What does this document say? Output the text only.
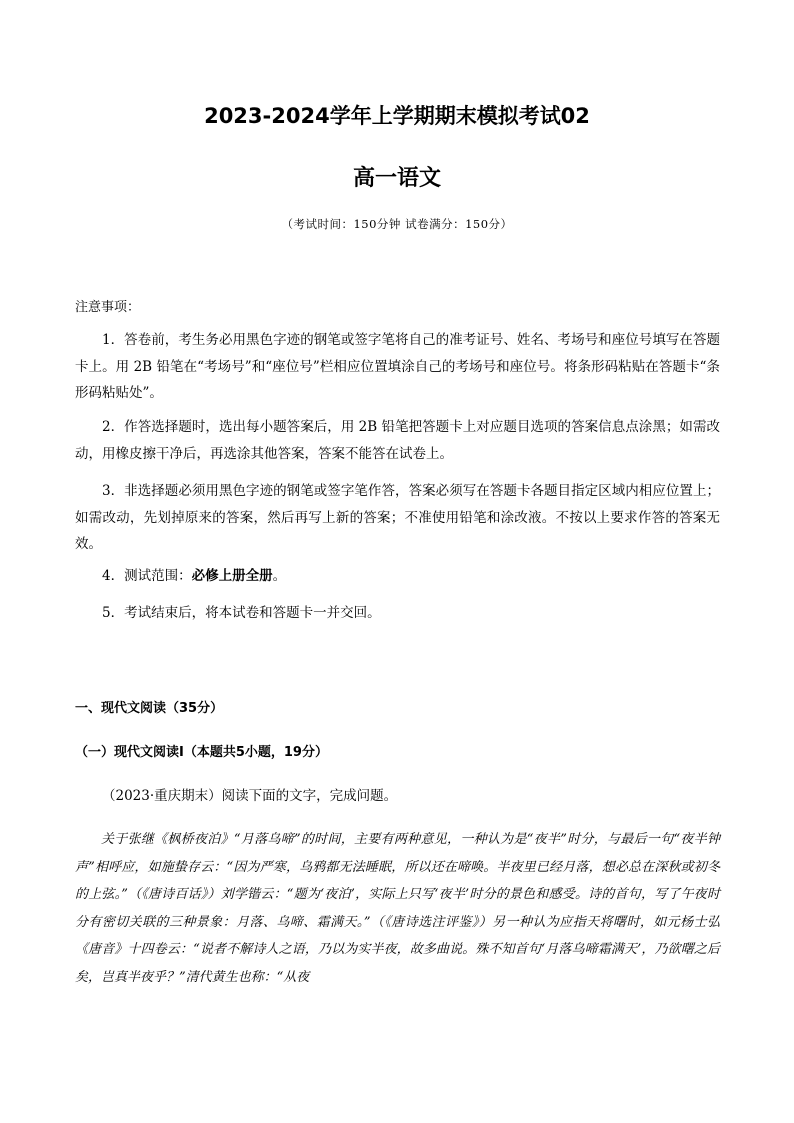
2023-2024学年上学期期末模拟考试02
高一语文
（考试时间：150分钟 试卷满分：150分）
注意事项：
1．答卷前，考生务必用黑色字迹的钢笔或签字笔将自己的准考证号、姓名、考场号和座位号填写在答题卡上。用 2B 铅笔在“考场号”和“座位号”栏相应位置填涂自己的考场号和座位号。将条形码粘贴在答题卡“条形码粘贴处”。
2．作答选择题时，选出每小题答案后，用 2B 铅笔把答题卡上对应题目选项的答案信息点涂黑；如需改动，用橡皮擦干净后，再选涂其他答案，答案不能答在试卷上。
3．非选择题必须用黑色字迹的钢笔或签字笔作答，答案必须写在答题卡各题目指定区域内相应位置上；如需改动，先划掉原来的答案，然后再写上新的答案；不准使用铅笔和涂改液。不按以上要求作答的答案无效。
4．测试范围：必修上册全册。
5．考试结束后，将本试卷和答题卡一并交回。
一、现代文阅读（35分）
（一）现代文阅读Ⅰ（本题共5小题，19分）
（2023·重庆期末）阅读下面的文字，完成问题。
关于张继《枫桥夜泊》“月落乌啼”的时间，主要有两种意见，一种认为是“夜半”时分，与最后一句“夜半钟声”相呼应，如施蛰存云：“因为严寒，乌鸦都无法睡眠，所以还在啼唤。半夜里已经月落，想必总在深秋或初冬的上弦。”（《唐诗百话》）刘学锴云：“题为‘夜泊’，实际上只写‘夜半’时分的景色和感受。诗的首句，写了午夜时分有密切关联的三种景象：月落、乌啼、霜满天。”（《唐诗选注评鉴》）另一种认为应指天将曙时，如元杨士弘《唐音》十四卷云：“说者不解诗人之语，乃以为实半夜，故多曲说。殊不知首句‘月落乌啼霜满天’，乃欲曙之后矣，岂真半夜乎？”清代黄生也称：“从夜
